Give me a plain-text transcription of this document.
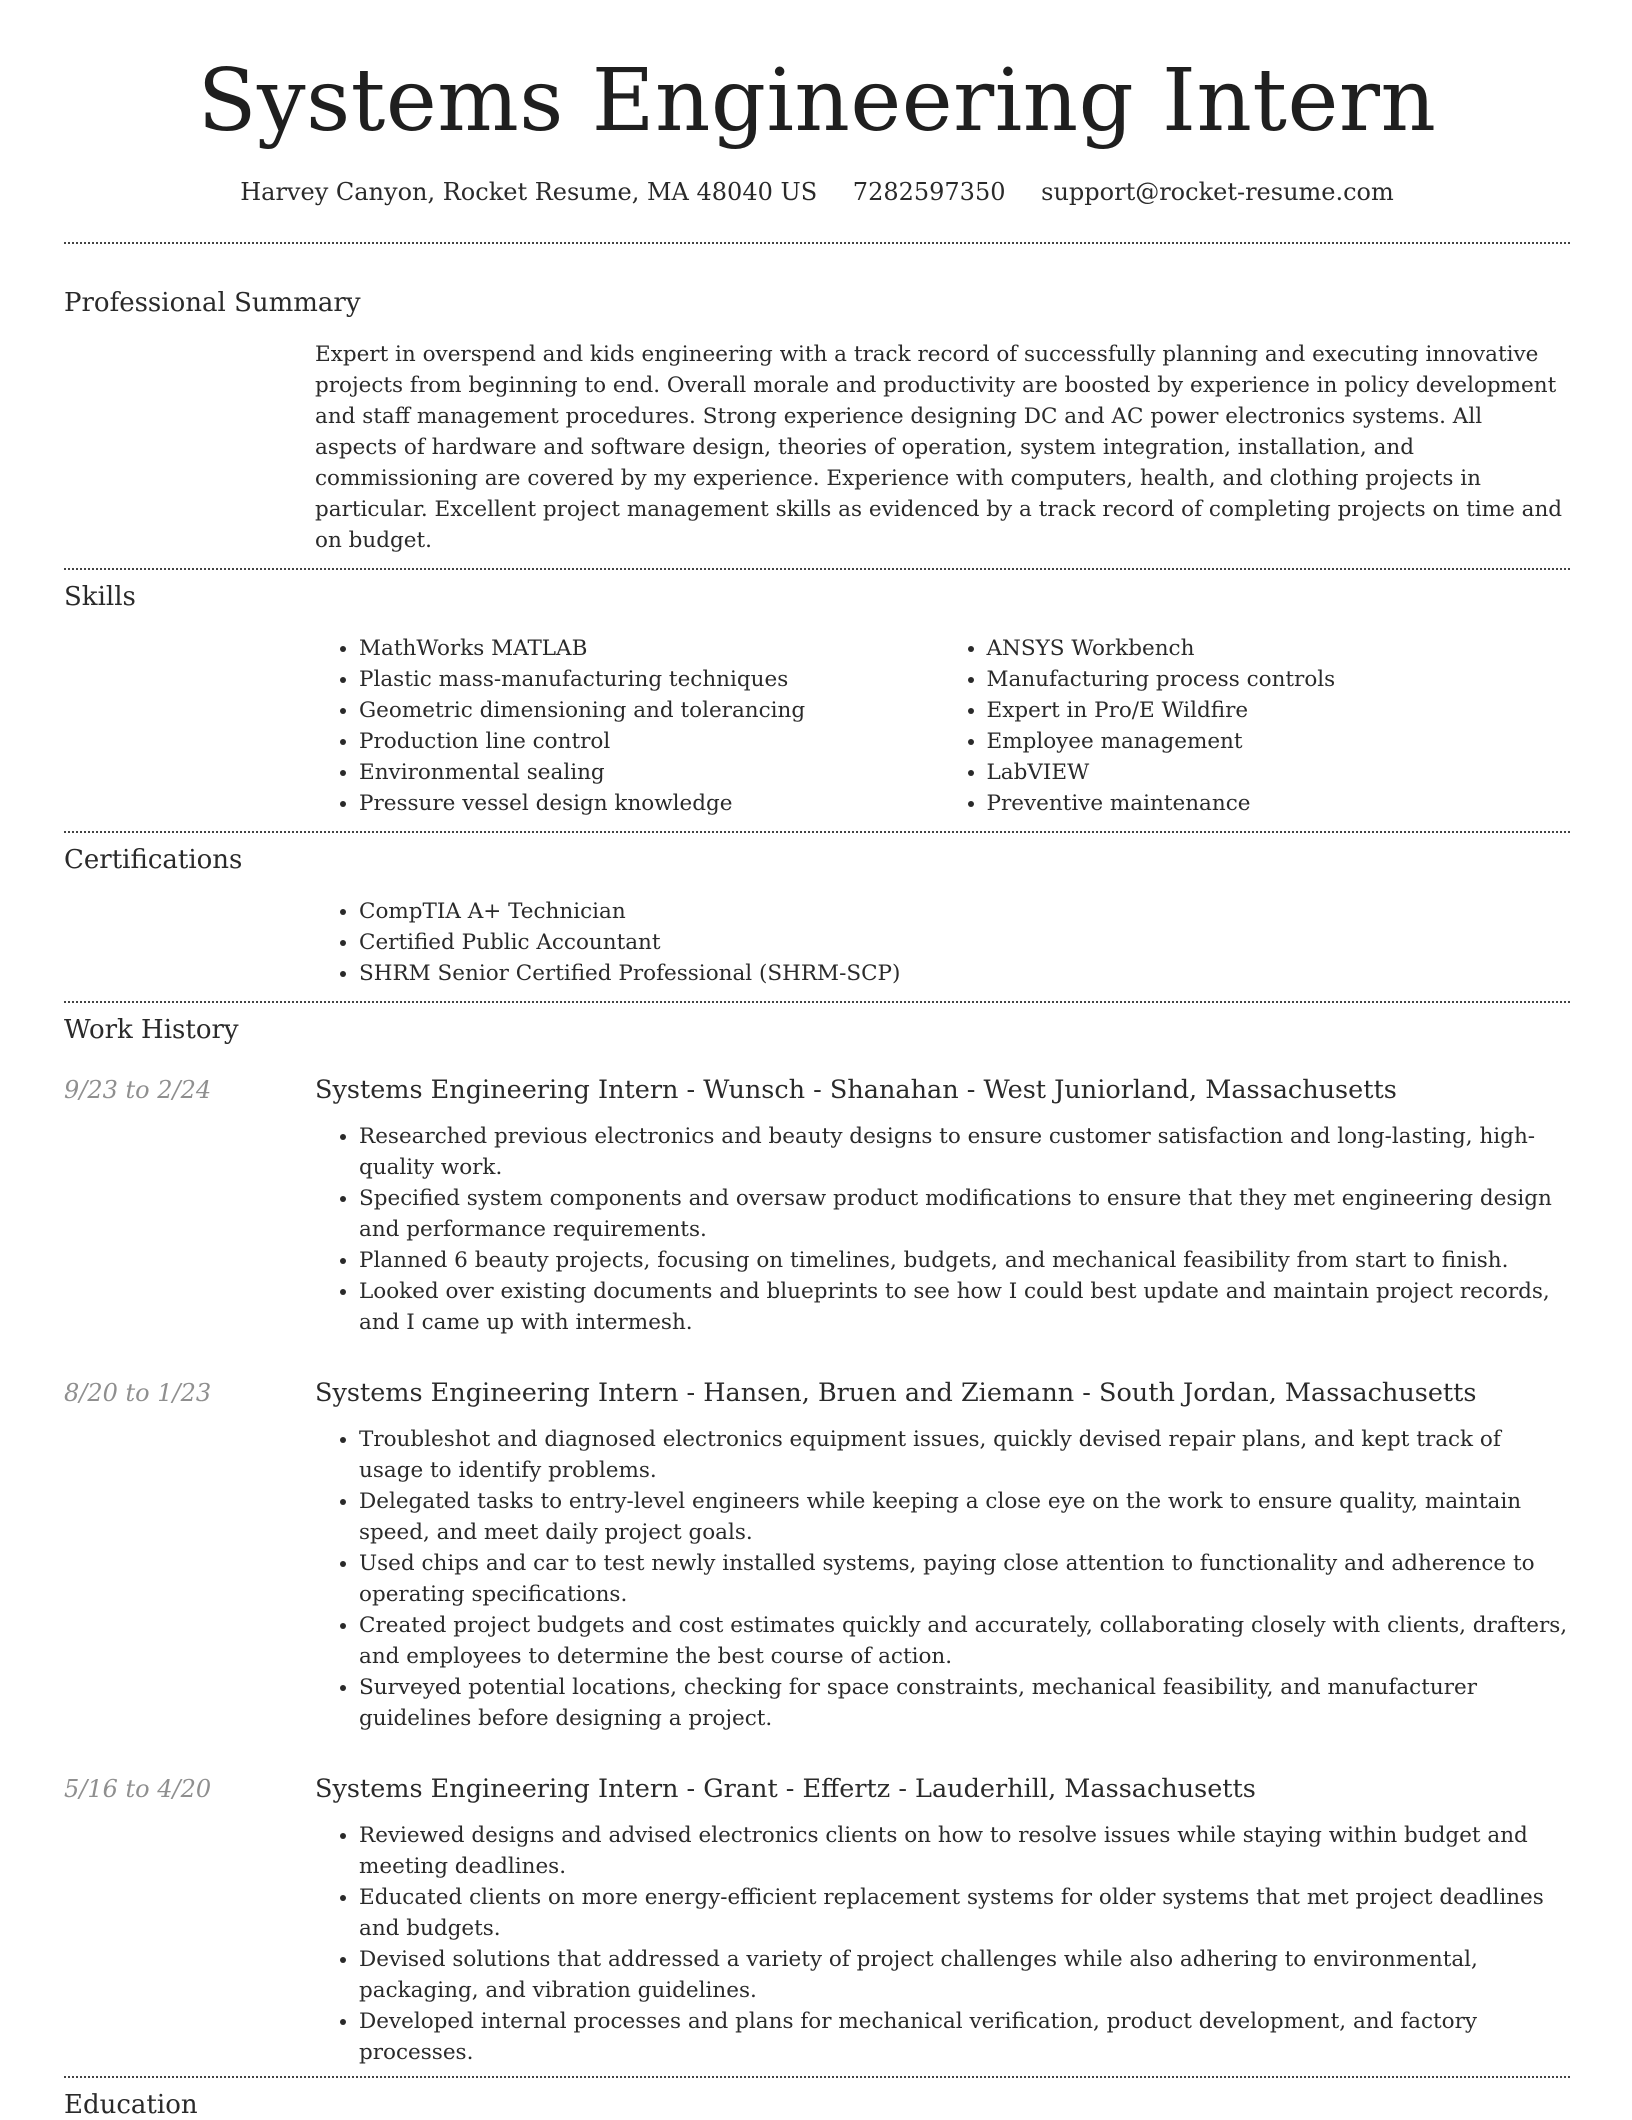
Systems Engineering Intern
Harvey Canyon, Rocket Resume, MA 48040 US 7282597350 support@rocket-resume.com
Professional Summary
Expert in overspend and kids engineering with a track record of successfully planning and executing innovative projects from beginning to end. Overall morale and productivity are boosted by experience in policy development and staff management procedures. Strong experience designing DC and AC power electronics systems. All aspects of hardware and software design, theories of operation, system integration, installation, and commissioning are covered by my experience. Experience with computers, health, and clothing projects in particular. Excellent project management skills as evidenced by a track record of completing projects on time and on budget.
Skills
• MathWorks MATLAB
• Plastic mass-manufacturing techniques
• Geometric dimensioning and tolerancing
• Production line control
• Environmental sealing
• Pressure vessel design knowledge
• ANSYS Workbench
• Manufacturing process controls
• Expert in Pro/E Wildfire
• Employee management
• LabVIEW
• Preventive maintenance
Certifications
• CompTIA A+ Technician
• Certified Public Accountant
• SHRM Senior Certified Professional (SHRM-SCP)
Work History
9/23 to 2/24	Systems Engineering Intern - Wunsch - Shanahan - West Juniorland, Massachusetts
• Researched previous electronics and beauty designs to ensure customer satisfaction and long-lasting, high-quality work.
• Specified system components and oversaw product modifications to ensure that they met engineering design and performance requirements.
• Planned 6 beauty projects, focusing on timelines, budgets, and mechanical feasibility from start to finish.
• Looked over existing documents and blueprints to see how I could best update and maintain project records, and I came up with intermesh.
8/20 to 1/23	Systems Engineering Intern - Hansen, Bruen and Ziemann - South Jordan, Massachusetts
• Troubleshot and diagnosed electronics equipment issues, quickly devised repair plans, and kept track of usage to identify problems.
• Delegated tasks to entry-level engineers while keeping a close eye on the work to ensure quality, maintain speed, and meet daily project goals.
• Used chips and car to test newly installed systems, paying close attention to functionality and adherence to operating specifications.
• Created project budgets and cost estimates quickly and accurately, collaborating closely with clients, drafters, and employees to determine the best course of action.
• Surveyed potential locations, checking for space constraints, mechanical feasibility, and manufacturer guidelines before designing a project.
5/16 to 4/20	Systems Engineering Intern - Grant - Effertz - Lauderhill, Massachusetts
• Reviewed designs and advised electronics clients on how to resolve issues while staying within budget and meeting deadlines.
• Educated clients on more energy-efficient replacement systems for older systems that met project deadlines and budgets.
• Devised solutions that addressed a variety of project challenges while also adhering to environmental, packaging, and vibration guidelines.
• Developed internal processes and plans for mechanical verification, product development, and factory processes.
Education
